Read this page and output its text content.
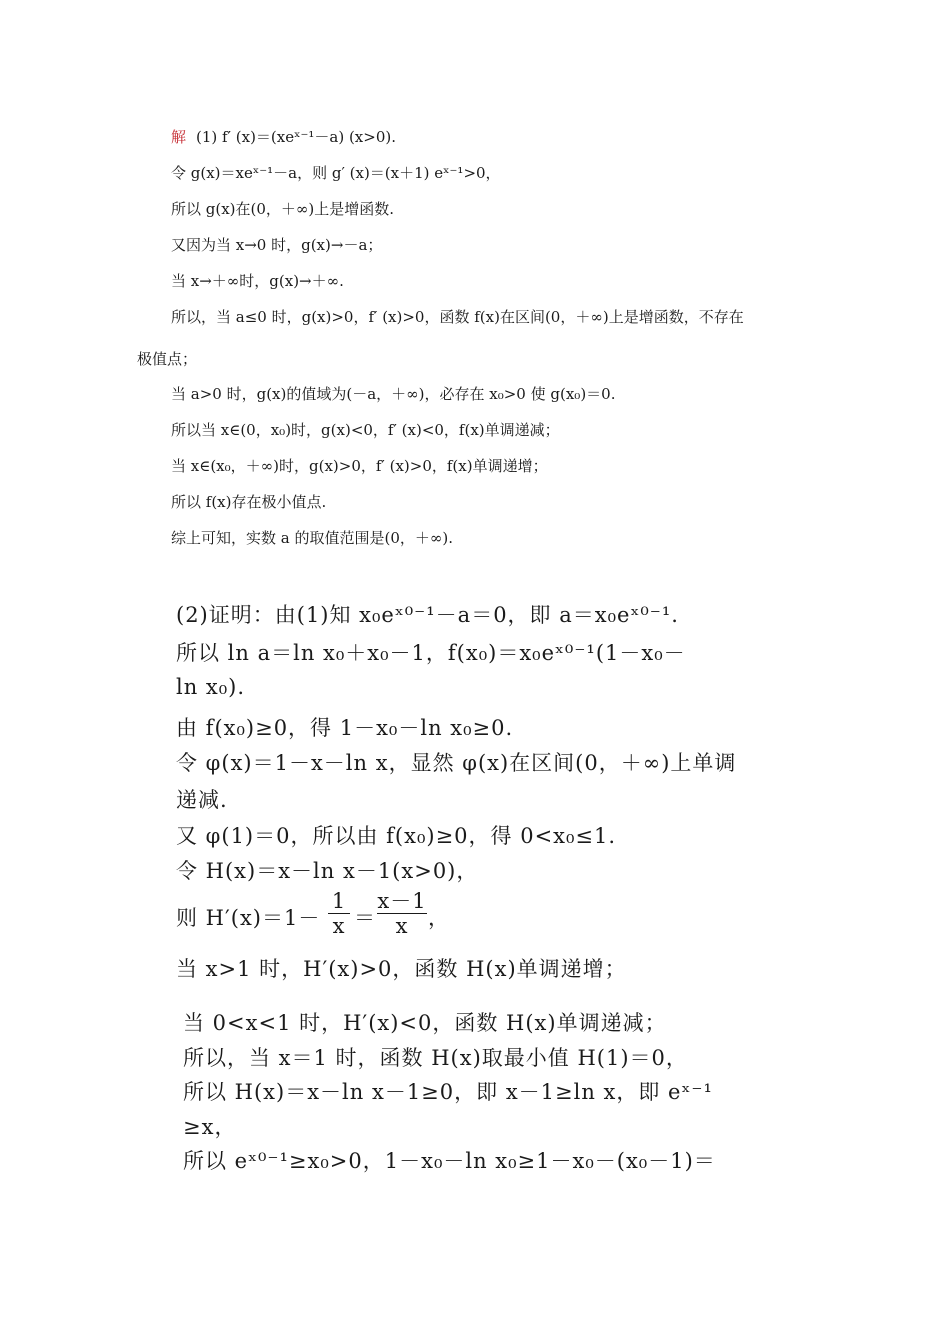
解 (1) f′ (x)＝(xeˣ⁻¹－a) (x>0).
令 g(x)＝xeˣ⁻¹－a，则 g′ (x)＝(x＋1) eˣ⁻¹>0，
所以 g(x)在(0，＋∞)上是增函数.
又因为当 x→0 时，g(x)→－a；
当 x→＋∞时，g(x)→＋∞.
所以，当 a≤0 时，g(x)>0，f′ (x)>0，函数 f(x)在区间(0，＋∞)上是增函数，不存在
极值点；
当 a>0 时，g(x)的值域为(－a，＋∞)，必存在 x₀>0 使 g(x₀)＝0.
所以当 x∈(0，x₀)时，g(x)<0，f′ (x)<0，f(x)单调递减；
当 x∈(x₀，＋∞)时，g(x)>0，f′ (x)>0，f(x)单调递增；
所以 f(x)存在极小值点.
综上可知，实数 a 的取值范围是(0，＋∞).
(2)证明：由(1)知 x₀eˣ⁰⁻¹－a＝0，即 a＝x₀eˣ⁰⁻¹.
所以 ln a＝ln x₀＋x₀－1，f(x₀)＝x₀eˣ⁰⁻¹(1－x₀－
ln x₀).
由 f(x₀)≥0，得 1－x₀－ln x₀≥0.
令 φ(x)＝1－x－ln x，显然 φ(x)在区间(0，＋∞)上单调
递减.
又 φ(1)＝0，所以由 f(x₀)≥0，得 0<x₀≤1.
令 H(x)＝x－ln x－1(x>0)，
则 H′(x)＝1－
1
x ＝
x－1
x ，
当 x>1 时，H′(x)>0，函数 H(x)单调递增；
当 0<x<1 时，H′(x)<0，函数 H(x)单调递减；
所以，当 x＝1 时，函数 H(x)取最小值 H(1)＝0，
所以 H(x)＝x－ln x－1≥0，即 x－1≥ln x，即 eˣ⁻¹
≥x，
所以 eˣ⁰⁻¹≥x₀>0，1－x₀－ln x₀≥1－x₀－(x₀－1)＝
